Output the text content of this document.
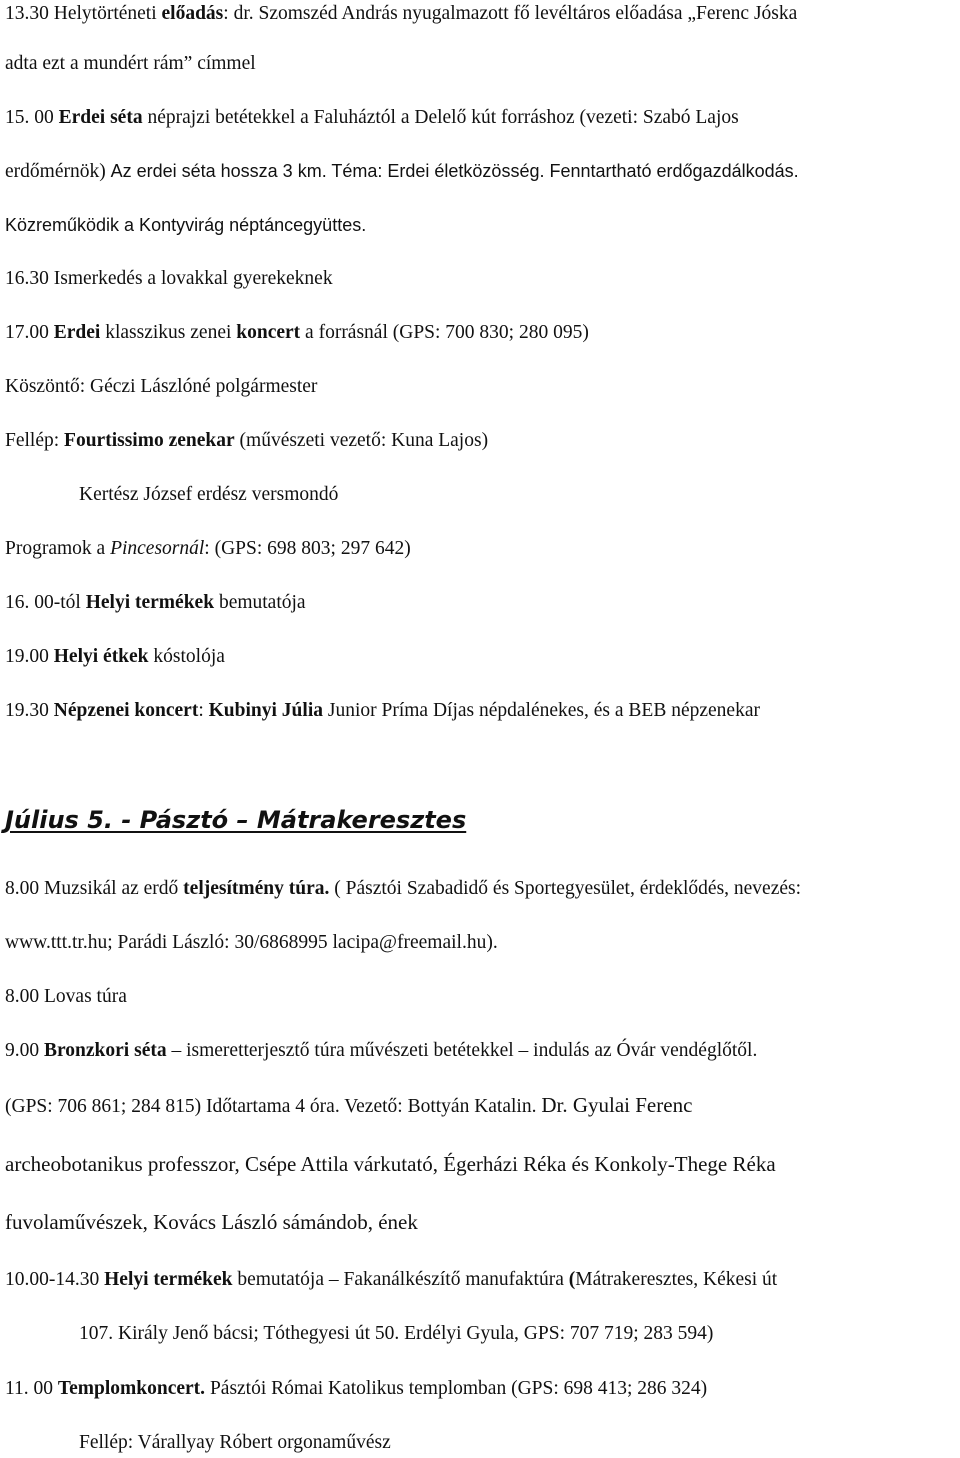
13.30 Helytörténeti előadás: dr. Szomszéd András nyugalmazott fő levéltáros előadása „Ferenc Jóska
adta ezt a mundért rám” címmel
15. 00 Erdei séta néprajzi betétekkel a Faluháztól a Delelő kút forráshoz (vezeti: Szabó Lajos
erdőmérnök) Az erdei séta hossza 3 km. Téma: Erdei életközösség. Fenntartható erdőgazdálkodás.
Közreműködik a Kontyvirág néptáncegyüttes.
16.30 Ismerkedés a lovakkal gyerekeknek
17.00 Erdei klasszikus zenei koncert a forrásnál (GPS: 700 830; 280 095)
Köszöntő: Géczi Lászlóné polgármester
Fellép: Fourtissimo zenekar (művészeti vezető: Kuna Lajos)
Kertész József erdész versmondó
Programok a Pincesornál: (GPS: 698 803; 297 642)
16. 00-tól Helyi termékek bemutatója
19.00 Helyi étkek kóstolója
19.30 Népzenei koncert: Kubinyi Júlia Junior Príma Díjas népdalénekes, és a BEB népzenekar
Július 5. - Pásztó – Mátrakeresztes
8.00 Muzsikál az erdő teljesítmény túra. ( Pásztói Szabadidő és Sportegyesület, érdeklődés, nevezés:
www.ttt.tr.hu; Parádi László: 30/6868995 lacipa@freemail.hu).
8.00 Lovas túra
9.00 Bronzkori séta – ismeretterjesztő túra művészeti betétekkel – indulás az Óvár vendéglőtől.
(GPS: 706 861; 284 815) Időtartama 4 óra. Vezető: Bottyán Katalin. Dr. Gyulai Ferenc
archeobotanikus professzor, Csépe Attila várkutató, Égerházi Réka és Konkoly-Thege Réka
fuvolaművészek, Kovács László sámándob, ének
10.00-14.30 Helyi termékek bemutatója – Fakanálkészítő manufaktúra (Mátrakeresztes, Kékesi út
107. Király Jenő bácsi; Tóthegyesi út 50. Erdélyi Gyula, GPS: 707 719; 283 594)
11. 00 Templomkoncert. Pásztói Római Katolikus templomban (GPS: 698 413; 286 324)
Fellép: Várallyay Róbert orgonaművész
